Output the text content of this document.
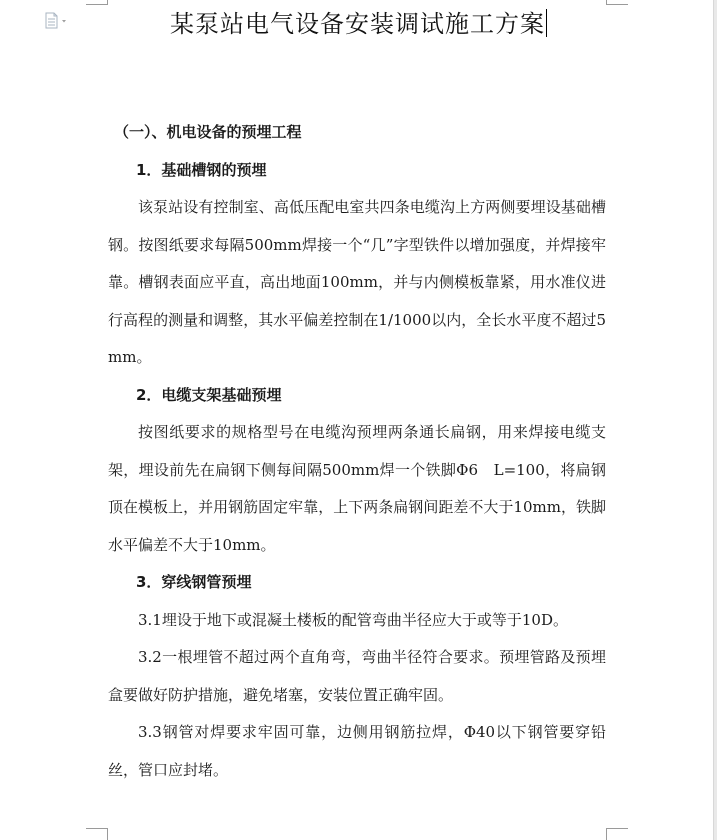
某泵站电气设备安装调试施工方案
（一）、机电设备的预埋工程
1．基础槽钢的预埋

该泵站设有控制室、高低压配电室共四条电缆沟上方两侧要埋设基础槽钢。按图纸要求每隔500mm焊接一个“几”字型铁件以增加强度，并焊接牢靠。槽钢表面应平直，高出地面100mm，并与内侧模板靠紧，用水准仪进行高程的测量和调整，其水平偏差控制在1/1000以内，全长水平度不超过5mm。

2．电缆支架基础预埋

按图纸要求的规格型号在电缆沟预埋两条通长扁钢，用来焊接电缆支架，埋设前先在扁钢下侧每间隔500mm焊一个铁脚Φ6　L=100，将扁钢顶在模板上，并用钢筋固定牢靠，上下两条扁钢间距差不大于10mm，铁脚水平偏差不大于10mm。

3．穿线钢管预埋

3.1埋设于地下或混凝土楼板的配管弯曲半径应大于或等于10D。

3.2一根埋管不超过两个直角弯，弯曲半径符合要求。预埋管路及预埋盒要做好防护措施，避免堵塞，安装位置正确牢固。

3.3钢管对焊要求牢固可靠，边侧用钢筋拉焊，Φ40以下钢管要穿铅丝，管口应封堵。
